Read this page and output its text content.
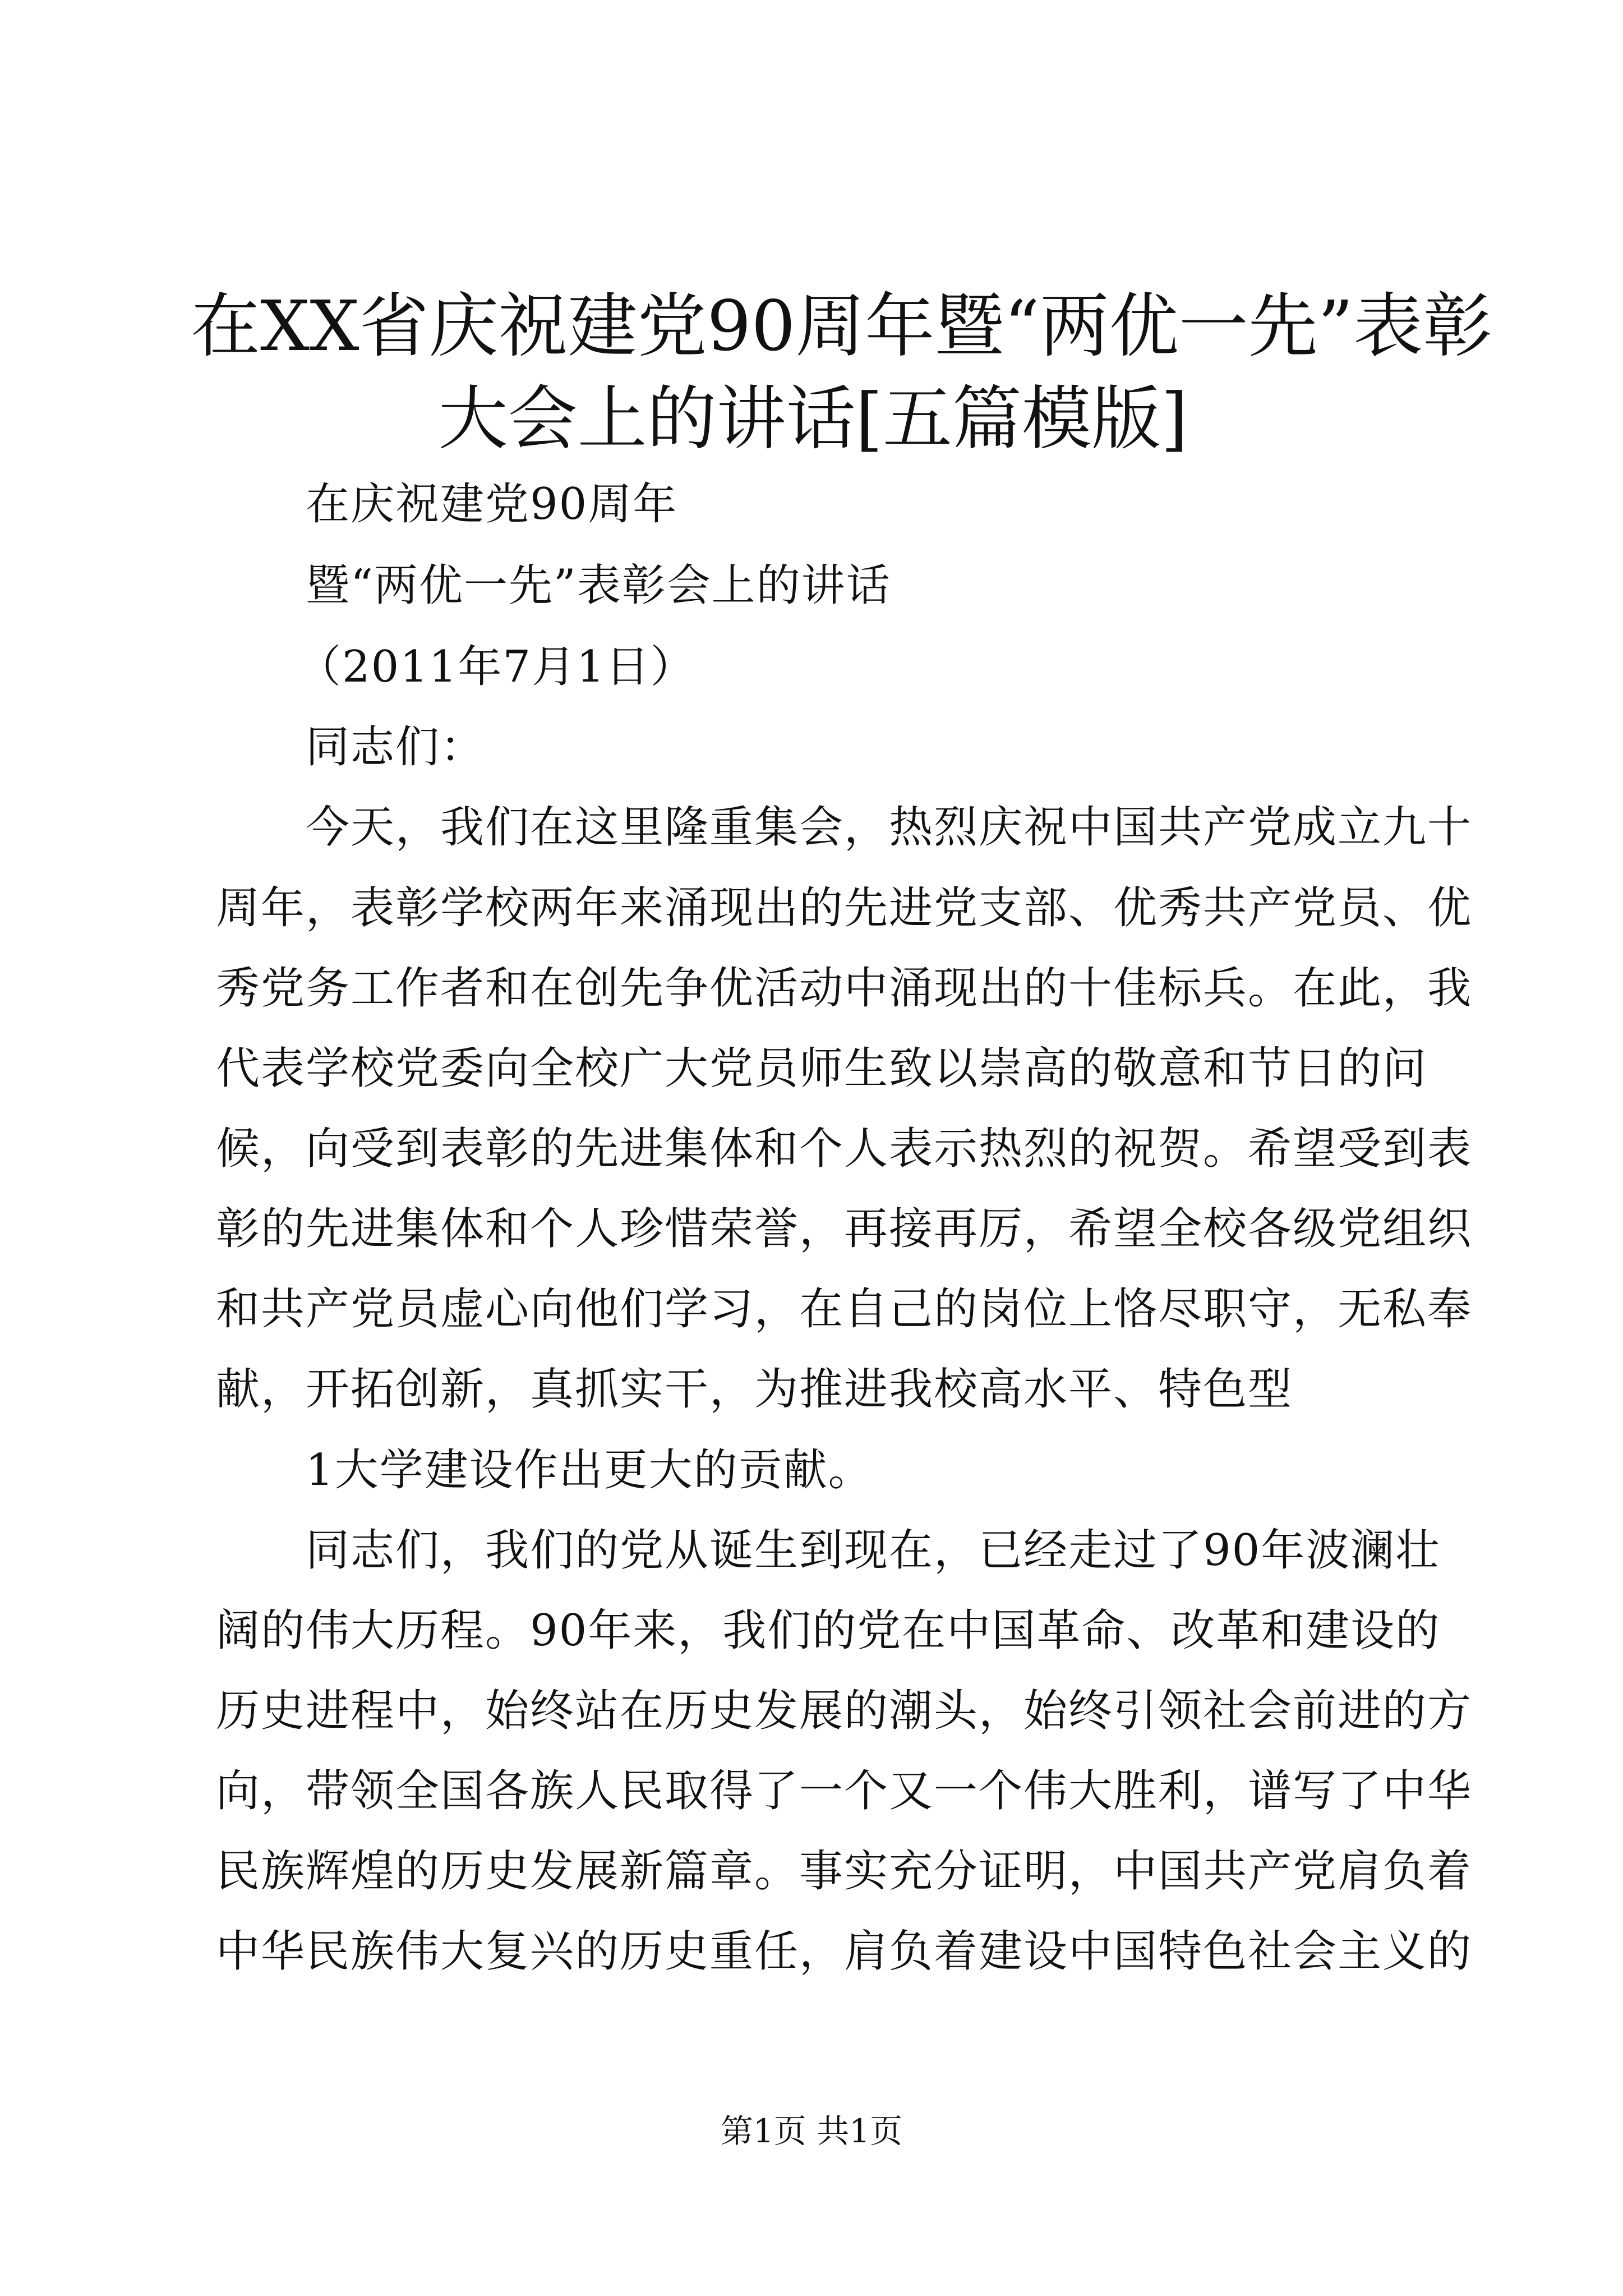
在XX省庆祝建党90周年暨“两优一先”表彰
大会上的讲话[五篇模版]
在庆祝建党90周年
暨“两优一先”表彰会上的讲话
（2011年7月1日）
同志们：
今天，我们在这里隆重集会，热烈庆祝中国共产党成立九十
周年，表彰学校两年来涌现出的先进党支部、优秀共产党员、优
秀党务工作者和在创先争优活动中涌现出的十佳标兵。在此，我
代表学校党委向全校广大党员师生致以崇高的敬意和节日的问
候，向受到表彰的先进集体和个人表示热烈的祝贺。希望受到表
彰的先进集体和个人珍惜荣誉，再接再厉，希望全校各级党组织
和共产党员虚心向他们学习，在自己的岗位上恪尽职守，无私奉
献，开拓创新，真抓实干，为推进我校高水平、特色型
1大学建设作出更大的贡献。
同志们，我们的党从诞生到现在，已经走过了90年波澜壮
阔的伟大历程。90年来，我们的党在中国革命、改革和建设的
历史进程中，始终站在历史发展的潮头，始终引领社会前进的方
向，带领全国各族人民取得了一个又一个伟大胜利，谱写了中华
民族辉煌的历史发展新篇章。事实充分证明，中国共产党肩负着
中华民族伟大复兴的历史重任，肩负着建设中国特色社会主义的
第1页 共1页
